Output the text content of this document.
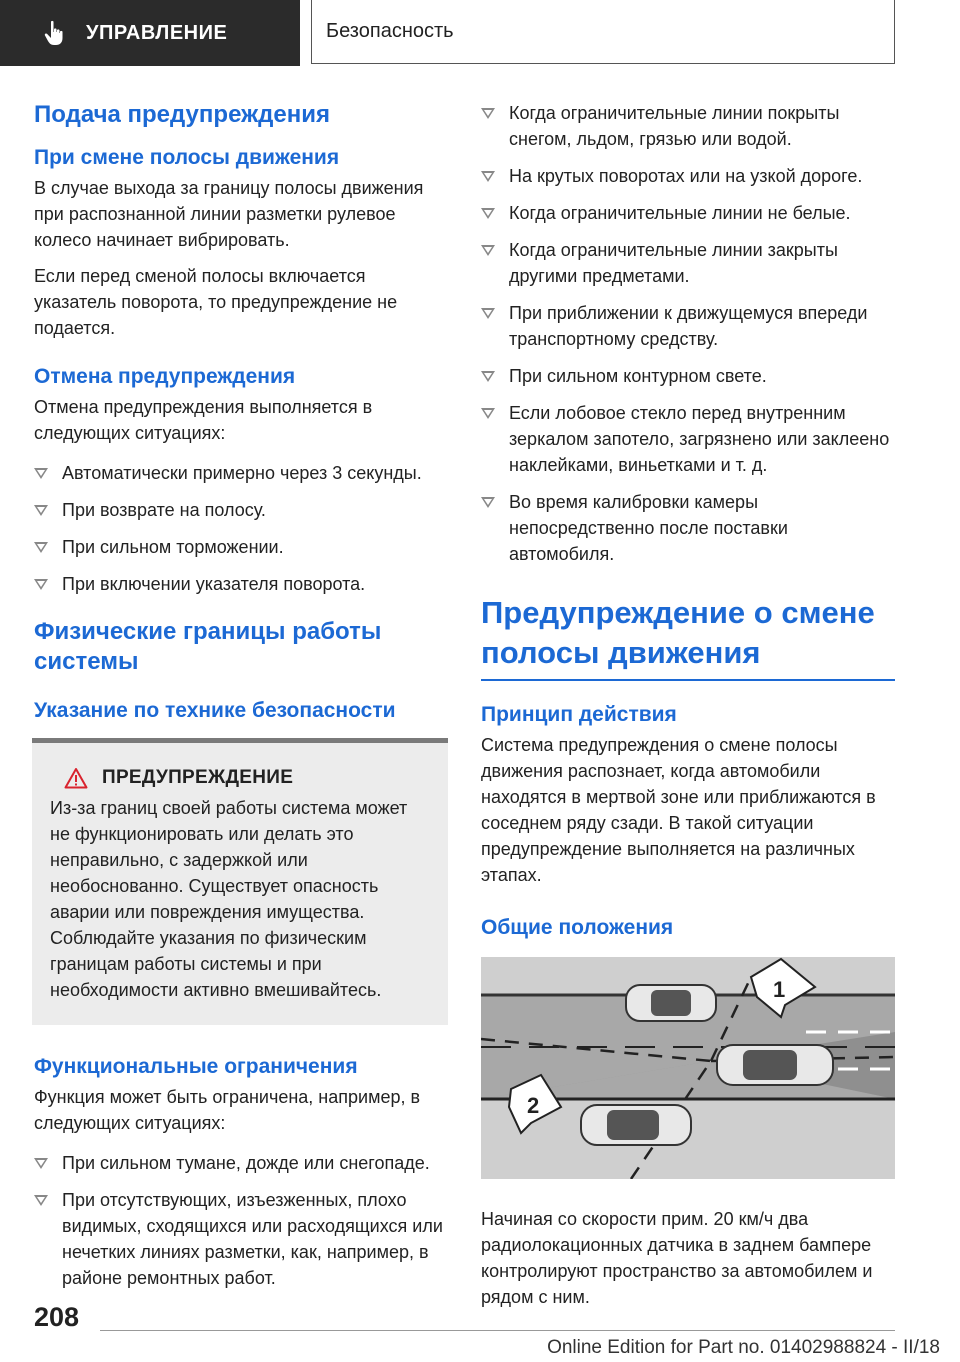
УПРАВЛЕНИЕ	Безопасность
Подача предупреждения
При смене полосы движения

В случае выхода за границу полосы движения при распознанной линии разметки рулевое колесо начинает вибрировать.

Если перед сменой полосы включается указатель поворота, то предупреждение не подается.

Отмена предупреждения

Отмена предупреждения выполняется в следующих ситуациях:

Автоматически примерно через 3 секунды.
При возврате на полосу.
При сильном торможении.
При включении указателя поворота.
Физические границы работы системы
Указание по технике безопасности
ПРЕДУПРЕЖДЕНИЕ

Из-за границ своей работы система может не функционировать или делать это неправильно, с задержкой или необоснованно. Существует опасность аварии или повреждения имущества. Соблюдайте указания по физическим границам работы системы и при необходимости активно вмешивайтесь.

Функциональные ограничения

Функция может быть ограничена, например, в следующих ситуациях:

При сильном тумане, дожде или снегопаде.
При отсутствующих, изъезженных, плохо видимых, сходящихся или расходящихся или нечетких линиях разметки, как, например, в районе ремонтных работ.
Когда ограничительные линии покрыты снегом, льдом, грязью или водой.
На крутых поворотах или на узкой дороге.
Когда ограничительные линии не белые.
Когда ограничительные линии закрыты другими предметами.
При приближении к движущемуся впереди транспортному средству.
При сильном контурном свете.
Если лобовое стекло перед внутренним зеркалом запотело, загрязнено или заклеено наклейками, виньетками и т. д.
Во время калибровки камеры непосредственно после поставки автомобиля.
Предупреждение о смене полосы движения
Принцип действия

Система предупреждения о смене полосы движения распознает, когда автомобили находятся в мертвой зоне или приближаются в соседнем ряду сзади. В такой ситуации предупреждение выполняется на различных этапах.

Общие положения
1
2

Начиная со скорости прим. 20 км/ч два радиолокационных датчика в заднем бампере контролируют пространство за автомобилем и рядом с ним.

208
Online Edition for Part no. 01402988824 - II/18
